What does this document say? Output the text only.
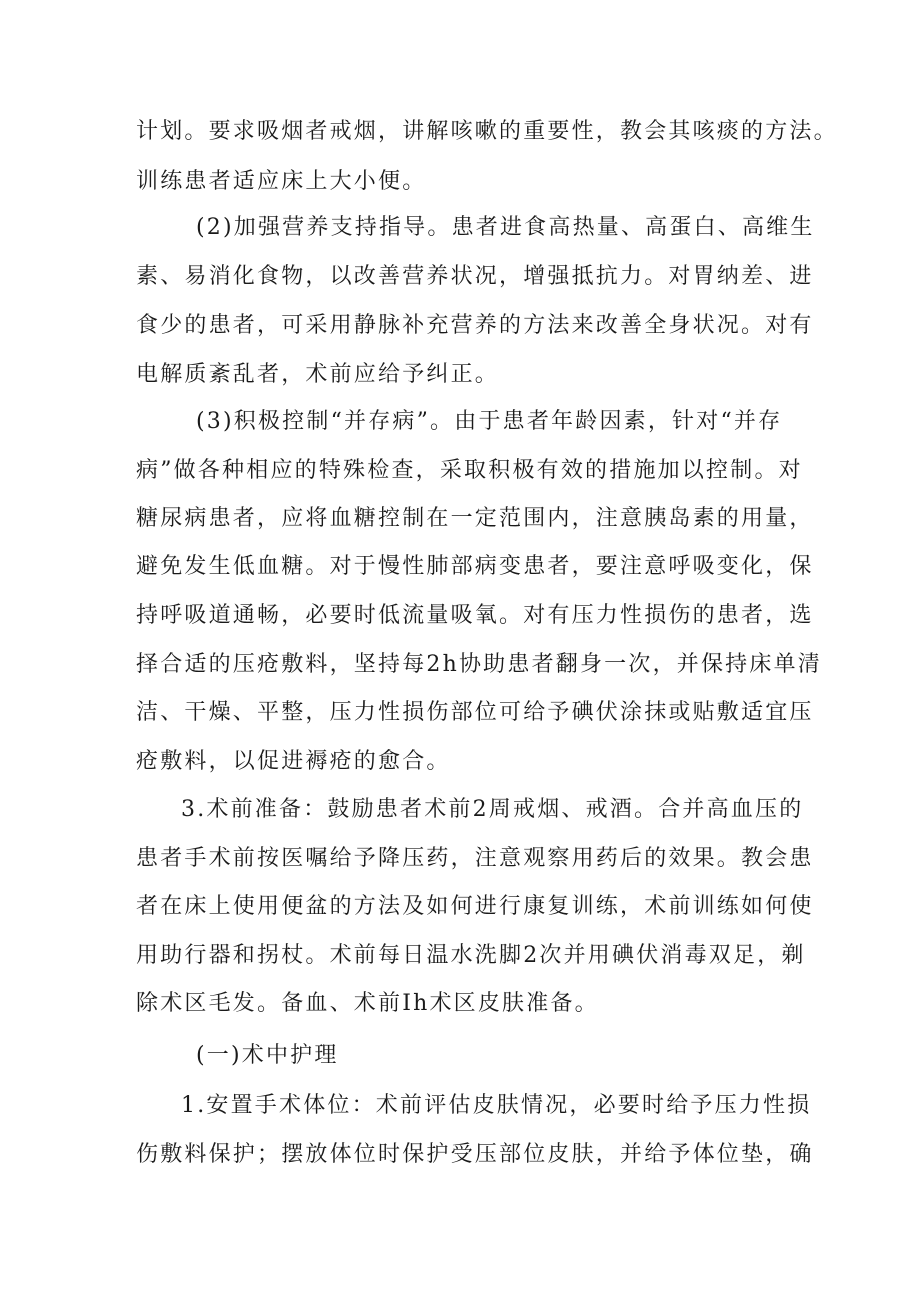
计划。要求吸烟者戒烟，讲解咳嗽的重要性，教会其咳痰的方法。
训练患者适应床上大小便。
(2)加强营养支持指导。患者进食高热量、高蛋白、高维生
素、易消化食物，以改善营养状况，增强抵抗力。对胃纳差、进
食少的患者，可采用静脉补充营养的方法来改善全身状况。对有
电解质紊乱者，术前应给予纠正。
(3)积极控制“并存病”。由于患者年龄因素，针对“并存
病”做各种相应的特殊检查，采取积极有效的措施加以控制。对
糖尿病患者，应将血糖控制在一定范围内，注意胰岛素的用量，
避免发生低血糖。对于慢性肺部病变患者，要注意呼吸变化，保
持呼吸道通畅，必要时低流量吸氧。对有压力性损伤的患者，选
择合适的压疮敷料，坚持每2h协助患者翻身一次，并保持床单清
洁、干燥、平整，压力性损伤部位可给予碘伏涂抹或贴敷适宜压
疮敷料，以促进褥疮的愈合。
3.术前准备：鼓励患者术前2周戒烟、戒酒。合并高血压的
患者手术前按医嘱给予降压药，注意观察用药后的效果。教会患
者在床上使用便盆的方法及如何进行康复训练，术前训练如何使
用助行器和拐杖。术前每日温水洗脚2次并用碘伏消毒双足，剃
除术区毛发。备血、术前Ih术区皮肤准备。
(一)术中护理
1.安置手术体位：术前评估皮肤情况，必要时给予压力性损
伤敷料保护；摆放体位时保护受压部位皮肤，并给予体位垫，确
